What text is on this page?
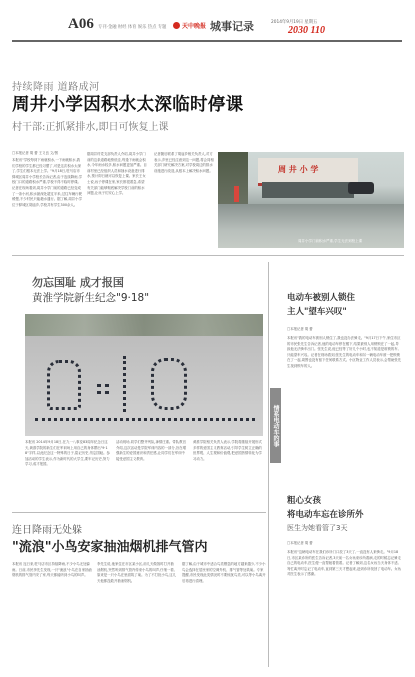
A06 专刊·金融 财经 体育 娱乐 热点 专题	天中晚报 城事记录	2014年9月19日 星期五
2030 110
持续降雨 道路成河
周井小学因积水太深临时停课
村干部:正抓紧排水,即日可恢复上课
□本报记者 胡 蕾 王义良 文/图
本报讯"学校每到下雨就积水,一下雨就积水,我们学校的学生都已经习惯了,可是这次积水太深了,学生们根本无法上学。"9月18日,驻马店市驿城区周井小学校长告诉记者,由于连续降雨,学校门口的道路积水严重,学校不得不临时停课。记者在现场看到,周井小学门前的道路已经变成了一条小河,积水最深处超过半米,过往车辆行驶缓慢,不少村民只能趟水通行。据了解,周井小学位于驿城区胡庙乡,学校共有学生300余人。
据周井村党支部负责人介绍,周井小学门前的这条道路地势低洼,每逢下雨就会积水,今年雨水较多,积水问题更加严重。目前村里已经组织人员和抽水设备进行排水,预计即日就可以恢复上课。家长王女士说,孩子停课在家,家长都很着急,希望有关部门能够彻底解决学校门前的积水问题,让孩子们安心上学。
记者随后联系了胡庙乡相关负责人,对方表示,乡里已经注意到这一问题,将会同相关部门研究解决方案,对学校周边的排水设施进行改造,从根本上解决积水问题。	周 井 小 学
周井小学门前积水严重,学生无法到校上课
勿忘国耻 成才报国
黄淮学院新生纪念"9·18"
本报讯 2014年9月18日,在九一八事变83周年纪念日这天,黄淮学院的新生们在军训场上用自己的身体摆出"9·18"字样,以此纪念这一特殊的日子,铭记历史,勿忘国耻。参加活动的学生表示,作为新时代的大学生,要牢记历史,努力学习,成才报国。
活动现场,同学们整齐列队,神情庄重。带队教官介绍,这次活动是学院军训内容的一部分,旨在增强新生的爱国意识和责任感,让同学们在军训中接受爱国主义教育。
黄淮学院相关负责人表示,学院将继续开展形式多样的爱国主义教育活动,引导学生树立正确的世界观、人生观和价值观,把爱国热情转化为学习动力。
连日降雨无处躲
"流浪"小鸟安家抽油烟机排气管内
本报讯 连日来,驻马店市区持续降雨,不少小鸟无处躲雨。日前,市民李先生发现,一只"流浪"小鸟在自家抽油烟机的排气管内安了家,每天都能听到小鸟的叫声。
李先生说,他家住在市区某小区,前几天做饭时打开抽油烟机,突然听到排气管内传来小鸟的叫声,仔细一看,原来是一只小鸟在里面筑了巢。为了不打扰小鸟,这几天他都没敢开抽油烟机。
据了解,由于城市中适合鸟类栖息的地方越来越少,不少小鸟会选择在居民家的空调外机、排气管等处筑巢。专家提醒,市民发现此类情况时不要惊扰鸟类,可以等小鸟离开后再进行清理。
情系电动车的事
电动车被别人锁住
主人"望车兴叹"
□本报记者 胡 蕾
本报讯"我的电动车被别人锁住了,我也没办法骑走。"9月17日下午,家住市区的市民张先生告诉记者,他的电动车停在楼下,结果被别人用锁锁在了一起,导致他无法骑车出门。张先生说,他已经等了好几个小时,也不知道是谁锁的车,只能望车兴叹。记者在现场看到,张先生的电动车和另一辆电动车被一把锁锁在了一起,周围也没有留下任何联系方式。小区物业工作人员表示,会帮助张先生找到锁车的人。
粗心女孩
将电动车忘在诊所外
医生为她看管了3天
□本报记者 胡 蕾
本报讯"这辆电动车在我们诊所门口放了3天了,一直没有人来骑走。"9月18日,市区某诊所的医生告诉记者,3天前一名女孩来诊所看病,走的时候忘记骑走自己的电动车,医生便一直帮她看管着。记者了解到,这名女孩当天身体不适,匆忙离开时忘记了电动车,直到第三天才想起来,赶到诊所找回了电动车。女孩对医生表示了感谢。
